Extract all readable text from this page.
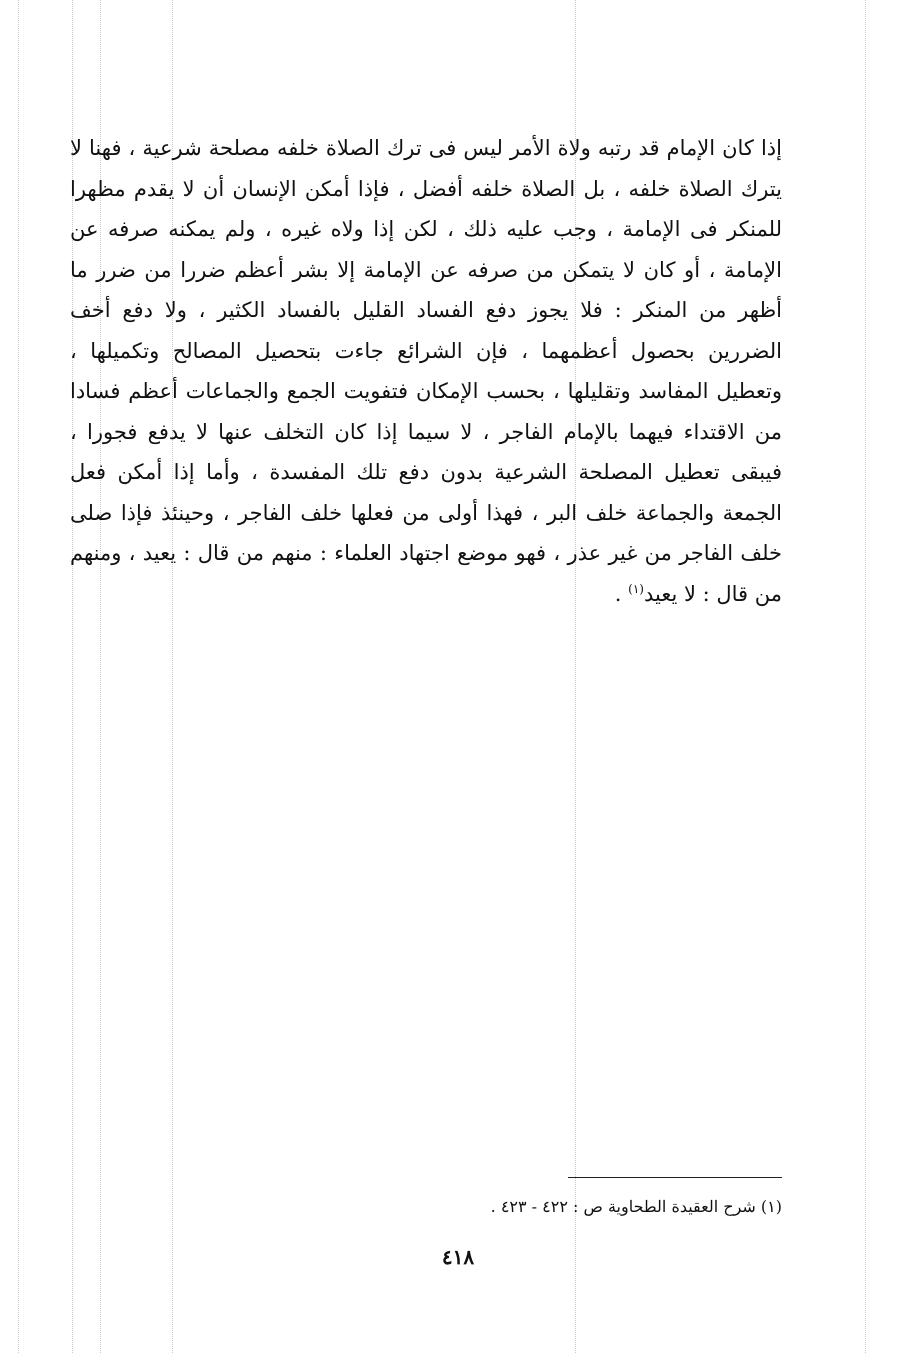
إذا كان الإمام قد رتبه ولاة الأمر ليس فى ترك الصلاة خلفه مصلحة شرعية ، فهنا لا يترك الصلاة خلفه ، بل الصلاة خلفه أفضل ، فإذا أمكن الإنسان أن لا يقدم مظهرا للمنكر فى الإمامة ، وجب عليه ذلك ، لكن إذا ولاه غيره ، ولم يمكنه صرفه عن الإمامة ، أو كان لا يتمكن من صرفه عن الإمامة إلا بشر أعظم ضررا من ضرر ما أظهر من المنكر : فلا يجوز دفع الفساد القليل بالفساد الكثير ، ولا دفع أخف الضررين بحصول أعظمهما ، فإن الشرائع جاءت بتحصيل المصالح وتكميلها ، وتعطيل المفاسد وتقليلها ، بحسب الإمكان فتفويت الجمع والجماعات أعظم فسادا من الاقتداء فيهما بالإمام الفاجر ، لا سيما إذا كان التخلف عنها لا يدفع فجورا ، فيبقى تعطيل المصلحة الشرعية بدون دفع تلك المفسدة ، وأما إذا أمكن فعل الجمعة والجماعة خلف البر ، فهذا أولى من فعلها خلف الفاجر ، وحينئذ فإذا صلى خلف الفاجر من غير عذر ، فهو موضع اجتهاد العلماء : منهم من قال : يعيد ، ومنهم من قال : لا يعيد$^{(١)}$ .

(١) شرح العقيدة الطحاوية ص : ٤٢٢ - ٤٢٣ .

٤١٨
